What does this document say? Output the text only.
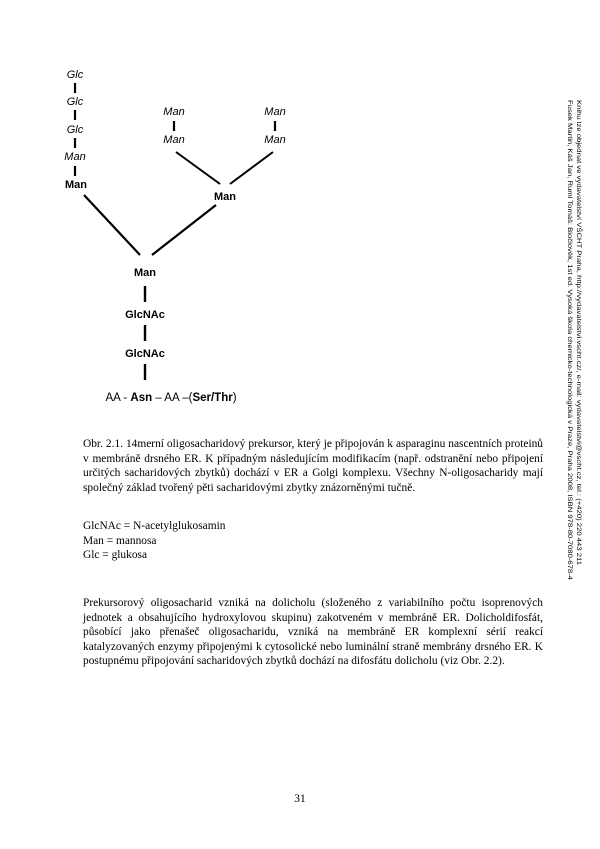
Glc
Glc
Glc
Man
Man
Man
Man
Man
Man
Man
Man
GlcNAc
GlcNAc
AA - Asn – AA –(Ser/Thr)

Obr. 2.1. 14merní oligosacharidový prekursor, který je připojován k asparaginu nascentních proteinů v membráně drsného ER. K případným následujícím modifikacím (např. odstranění nebo připojení určitých sacharidových zbytků) dochází v ER a Golgi komplexu. Všechny N-oligosacharidy mají společný základ tvořený pěti sacharidovými zbytky znázorněnými tučně.

GlcNAc = N-acetylglukosamin
Man = mannosa
Glc = glukosa

Prekursorový oligosacharid vzniká na dolicholu (složeného z variabilního počtu isoprenových jednotek a obsahujícího hydroxylovou skupinu) zakotveném v membráně ER. Dolicholdifosfát, působící jako přenašeč oligosacharidu, vzniká na membráně ER komplexní sérií reakcí katalyzovaných enzymy připojenými k cytosolické nebo luminální straně membrány drsného ER. K postupnému připojování sacharidových zbytků dochází na difosfátu dolicholu (viz Obr. 2.2).

31
Fusek Martin, Káš Jan, Ruml Tomáš: Biočlověk, 1st ed. Vysoká škola chemicko-technologická v Praze, Praha 2008, ISBN 978-80-7080-678-4 Knihu lze objednat ve vydavatelství VŠCHT Praha, http://vydavatelstvi.vscht.cz/, e-mail: vydavatelstvi@vscht.cz, tel.: (+420) 220 443 211
